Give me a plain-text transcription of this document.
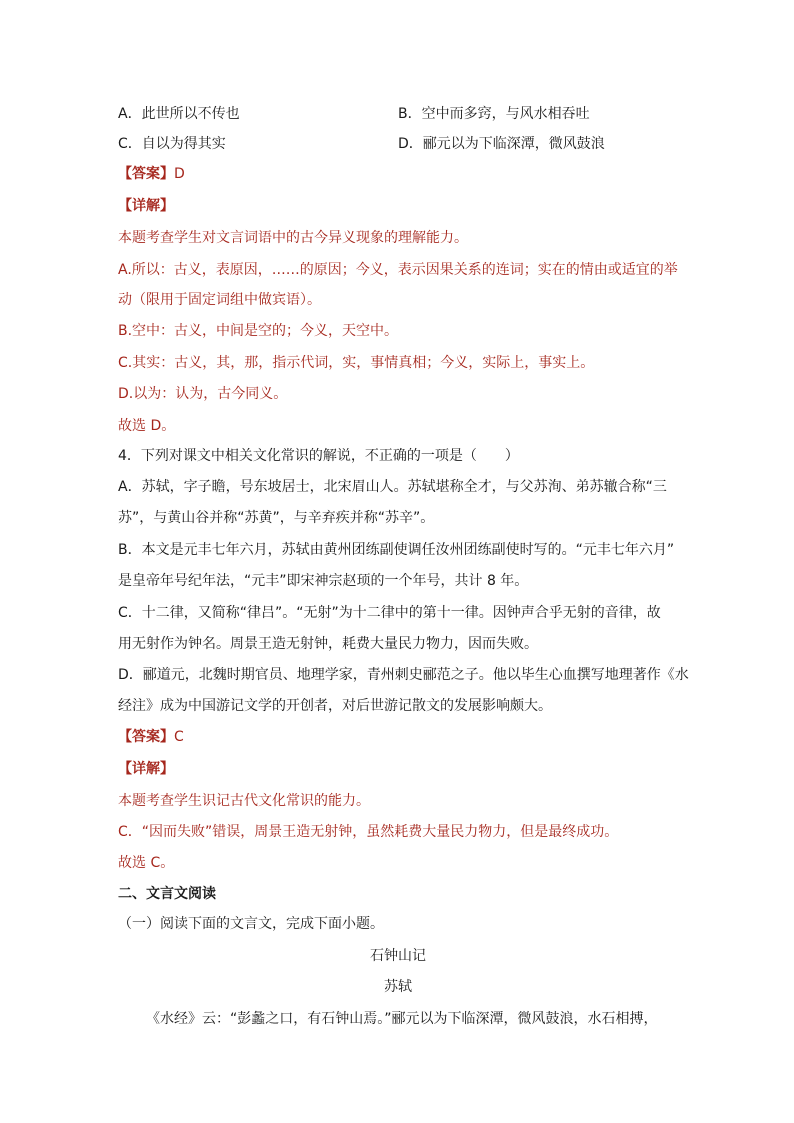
A．此世所以不传也	B．空中而多窍，与风水相吞吐
C．自以为得其实	D．郦元以为下临深潭，微风鼓浪
【答案】D
【详解】
本题考查学生对文言词语中的古今异义现象的理解能力。
A.所以：古义，表原因，……的原因；今义，表示因果关系的连词；实在的情由或适宜的举
动（限用于固定词组中做宾语）。
B.空中：古义，中间是空的；今义，天空中。
C.其实：古义，其，那，指示代词，实，事情真相；今义，实际上，事实上。
D.以为：认为，古今同义。
故选 D。
4．下列对课文中相关文化常识的解说，不正确的一项是（　　）
A．苏轼，字子瞻，号东坡居士，北宋眉山人。苏轼堪称全才，与父苏洵、弟苏辙合称“三
苏”，与黄山谷并称“苏黄”，与辛弃疾并称“苏辛”。
B．本文是元丰七年六月，苏轼由黄州团练副使调任汝州团练副使时写的。“元丰七年六月”
是皇帝年号纪年法，“元丰”即宋神宗赵顼的一个年号，共计 8 年。
C．十二律，又简称“律吕”。“无射”为十二律中的第十一律。因钟声合乎无射的音律，故
用无射作为钟名。周景王造无射钟，耗费大量民力物力，因而失败。
D．郦道元，北魏时期官员、地理学家，青州刺史郦范之子。他以毕生心血撰写地理著作《水
经注》成为中国游记文学的开创者，对后世游记散文的发展影响颇大。
【答案】C
【详解】
本题考查学生识记古代文化常识的能力。
C．“因而失败”错误，周景王造无射钟，虽然耗费大量民力物力，但是最终成功。
故选 C。
二、文言文阅读
（一）阅读下面的文言文，完成下面小题。
石钟山记
苏轼
《水经》云：“彭蠡之口，有石钟山焉。”郦元以为下临深潭，微风鼓浪，水石相搏，
